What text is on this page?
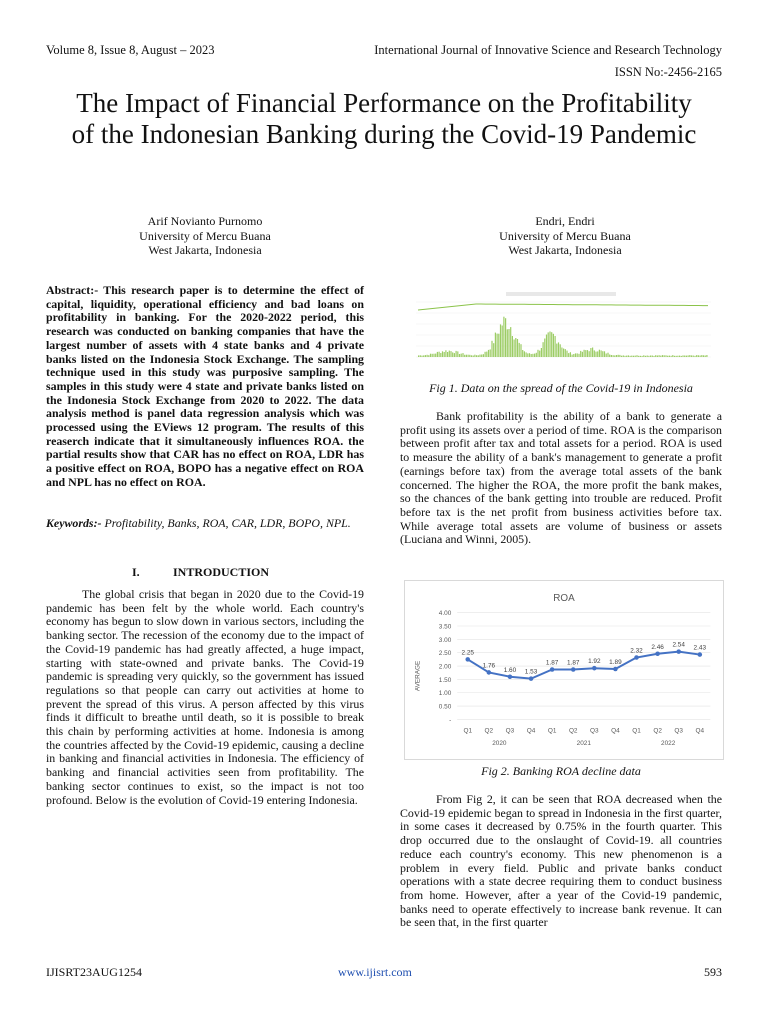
Volume 8, Issue 8, August – 2023	International Journal of Innovative Science and Research Technology
ISSN No:-2456-2165
The Impact of Financial Performance on the Profitability of the Indonesian Banking during the Covid-19 Pandemic
Arif Novianto Purnomo
University of Mercu Buana
West Jakarta, Indonesia
Endri, Endri
University of Mercu Buana
West Jakarta, Indonesia

Abstract:- This research paper is to determine the effect of capital, liquidity, operational efficiency and bad loans on profitability in banking. For the 2020-2022 period, this research was conducted on banking companies that have the largest number of assets with 4 state banks and 4 private banks listed on the Indonesia Stock Exchange. The sampling technique used in this study was purposive sampling. The samples in this study were 4 state and private banks listed on the Indonesia Stock Exchange from 2020 to 2022. The data analysis method is panel data regression analysis which was processed using the EViews 12 program. The results of this reaserch indicate that it simultaneously influences ROA. the partial results show that CAR has no effect on ROA, LDR has a positive effect on ROA, BOPO has a negative effect on ROA and NPL has no effect on ROA.

Keywords:- Profitability, Banks, ROA, CAR, LDR, BOPO, NPL.

I.	INTRODUCTION

The global crisis that began in 2020 due to the Covid-19 pandemic has been felt by the whole world. Each country's economy has begun to slow down in various sectors, including the banking sector. The recession of the economy due to the impact of the Covid-19 pandemic has had greatly affected, a huge impact, starting with state-owned and private banks. The Covid-19 pandemic is spreading very quickly, so the government has issued regulations so that people can carry out activities at home to prevent the spread of this virus. A person affected by this virus finds it difficult to breathe until death, so it is possible to break this chain by performing activities at home. Indonesia is among the countries affected by the Covid-19 epidemic, causing a decline in banking and financial activities in Indonesia. The efficiency of banking and financial activities seen from profitability. The banking sector continues to exist, so the impact is not too profound. Below is the evolution of Covid-19 entering Indonesia.

Fig 1. Data on the spread of the Covid-19 in Indonesia

Bank profitability is the ability of a bank to generate a profit using its assets over a period of time. ROA is the comparison between profit after tax and total assets for a period. ROA is used to measure the ability of a bank's management to generate a profit (earnings before tax) from the average total assets of the bank concerned. The higher the ROA, the more profit the bank makes, so the chances of the bank getting into trouble are reduced. Profit before tax is the net profit from business activities before tax. While average total assets are volume of business or assets (Luciana and Winni, 2005).

ROA
AVERAGE
4.00
3.50
3.00
2.50
2.00
1.50
1.00
0.50
-
2.25
1.76
1.60 1.53
1.87 1.87 1.92 1.89
2.32
2.46 2.54 2.43
Q1 Q2 Q3 Q4 Q1 Q2 Q3 Q4 Q1 Q2 Q3 Q4
2020	2021	2022
Fig 2. Banking ROA decline data

From Fig 2, it can be seen that ROA decreased when the Covid-19 epidemic began to spread in Indonesia in the first quarter, in some cases it decreased by 0.75% in the fourth quarter. This drop occurred due to the onslaught of Covid-19. all countries reduce each country's economy. This new phenomenon is a problem in every field. Public and private banks conduct operations with a state decree requiring them to conduct business from home. However, after a year of the Covid-19 pandemic, banks need to operate effectively to increase bank revenue. It can be seen that, in the first quarter

IJISRT23AUG1254	www.ijisrt.com	593
